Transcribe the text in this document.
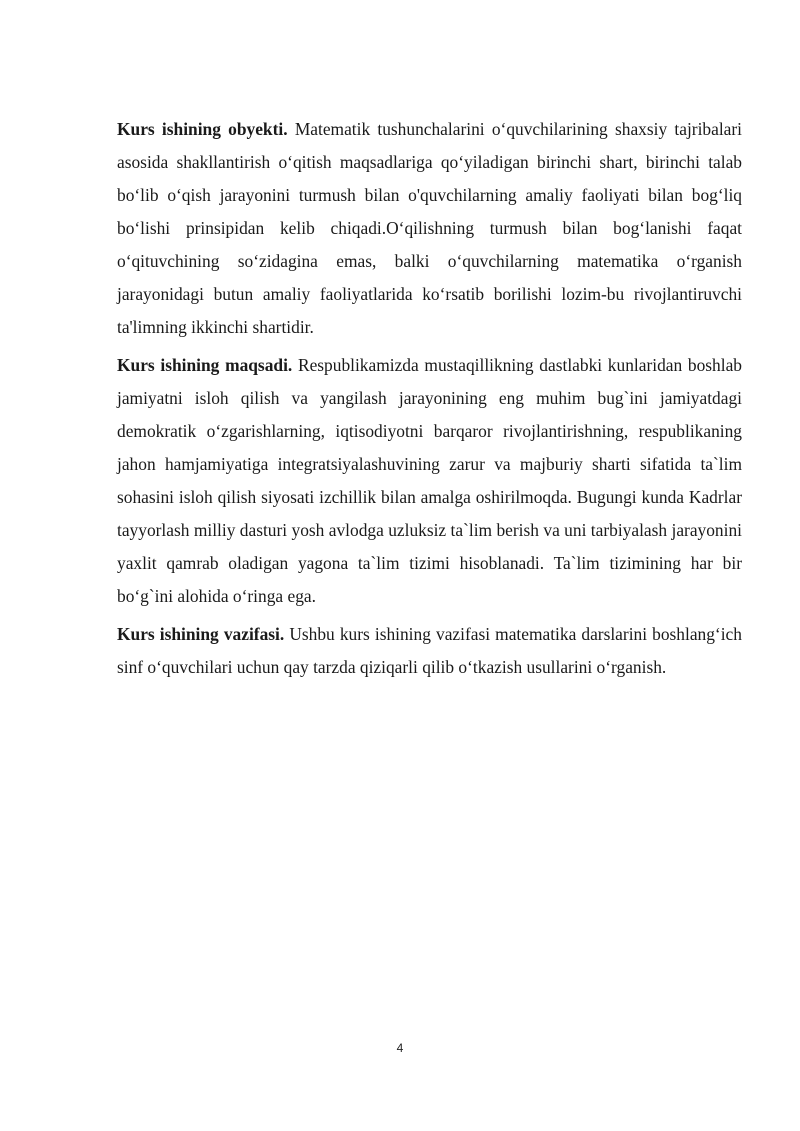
Kurs ishining obyekti. Matematik tushunchalarini o‘quvchilarining shaxsiy tajribalari asosida shakllantirish o‘qitish maqsadlariga qo‘yiladigan birinchi shart, birinchi talab bo‘lib o‘qish jarayonini turmush bilan o'quvchilarning amaliy faoliyati bilan bog‘liq bo‘lishi prinsipidan kelib chiqadi.O‘qilishning turmush bilan bog‘lanishi faqat o‘qituvchining so‘zidagina emas, balki o‘quvchilarning matematika o‘rganish jarayonidagi butun amaliy faoliyatlarida ko‘rsatib borilishi lozim-bu rivojlantiruvchi ta'limning ikkinchi shartidir.

Kurs ishining maqsadi. Respublikamizda mustaqillikning dastlabki kunlaridan boshlab jamiyatni isloh qilish va yangilash jarayonining eng muhim bug`ini jamiyatdagi demokratik o‘zgarishlarning, iqtisodiyotni barqaror rivojlantirishning, respublikaning jahon hamjamiyatiga integratsiyalashuvining zarur va majburiy sharti sifatida ta`lim sohasini isloh qilish siyosati izchillik bilan amalga oshirilmoqda. Bugungi kunda Kadrlar tayyorlash milliy dasturi yosh avlodga uzluksiz ta`lim berish va uni tarbiyalash jarayonini yaxlit qamrab oladigan yagona ta`lim tizimi hisoblanadi. Ta`lim tizimining har bir bo‘g`ini alohida o‘ringa ega.

Kurs ishining vazifasi. Ushbu kurs ishining vazifasi matematika darslarini boshlang‘ich sinf o‘quvchilari uchun qay tarzda qiziqarli qilib o‘tkazish usullarini o‘rganish.

4
